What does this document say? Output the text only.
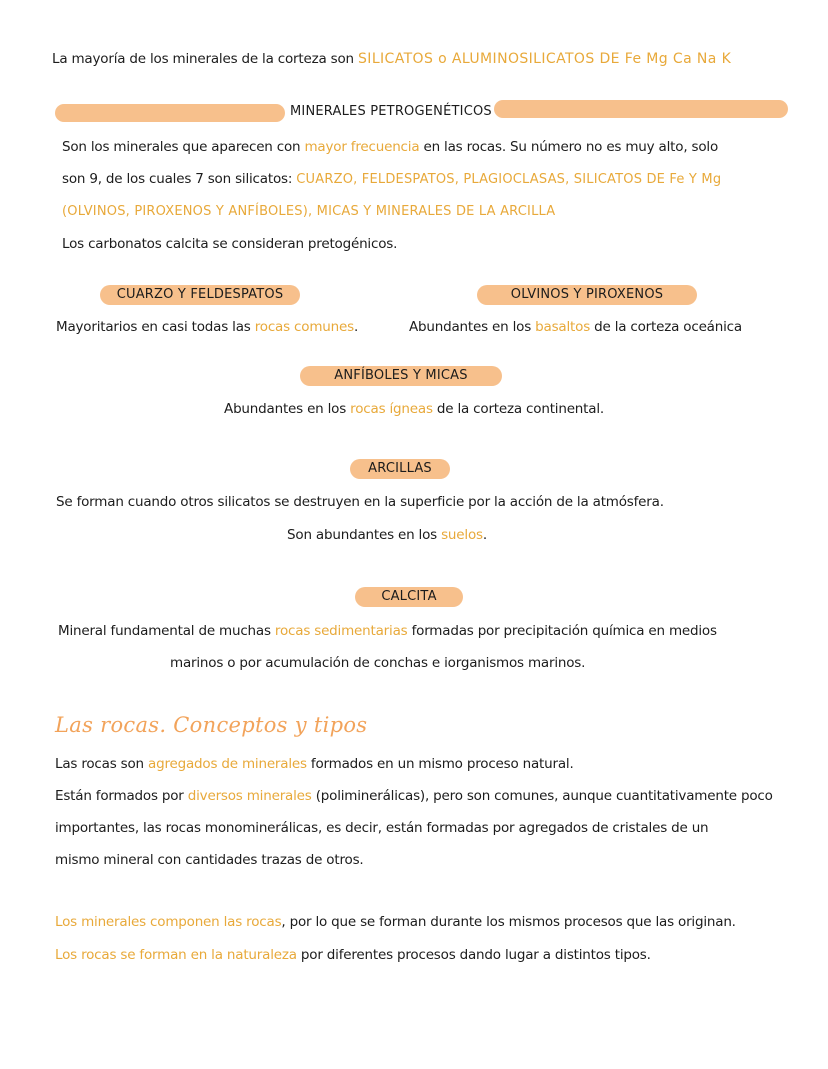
La mayoría de los minerales de la corteza son SILICATOS o ALUMINOSILICATOS DE Fe Mg Ca Na K
MINERALES PETROGENÉTICOS
Son los minerales que aparecen con mayor frecuencia en las rocas. Su número no es muy alto, solo
son 9, de los cuales 7 son silicatos: CUARZO, FELDESPATOS, PLAGIOCLASAS, SILICATOS DE Fe Y Mg
(OLVINOS, PIROXENOS Y ANFÍBOLES), MICAS Y MINERALES DE LA ARCILLA
Los carbonatos calcita se consideran pretogénicos.
CUARZO Y FELDESPATOS
Mayoritarios en casi todas las rocas comunes.
OLVINOS Y PIROXENOS
Abundantes en los basaltos de la corteza oceánica
ANFÍBOLES Y MICAS
Abundantes en los rocas ígneas de la corteza continental.
ARCILLAS
Se forman cuando otros silicatos se destruyen en la superficie por la acción de la atmósfera.
Son abundantes en los suelos.
CALCITA
Mineral fundamental de muchas rocas sedimentarias formadas por precipitación química en medios
marinos o por acumulación de conchas e iorganismos marinos.
Las rocas. Conceptos y tipos
Las rocas son agregados de minerales formados en un mismo proceso natural.
Están formados por diversos minerales (poliminerálicas), pero son comunes, aunque cuantitativamente poco
importantes, las rocas monominerálicas, es decir, están formadas por agregados de cristales de un
mismo mineral con cantidades trazas de otros.
Los minerales componen las rocas, por lo que se forman durante los mismos procesos que las originan.
Los rocas se forman en la naturaleza por diferentes procesos dando lugar a distintos tipos.
